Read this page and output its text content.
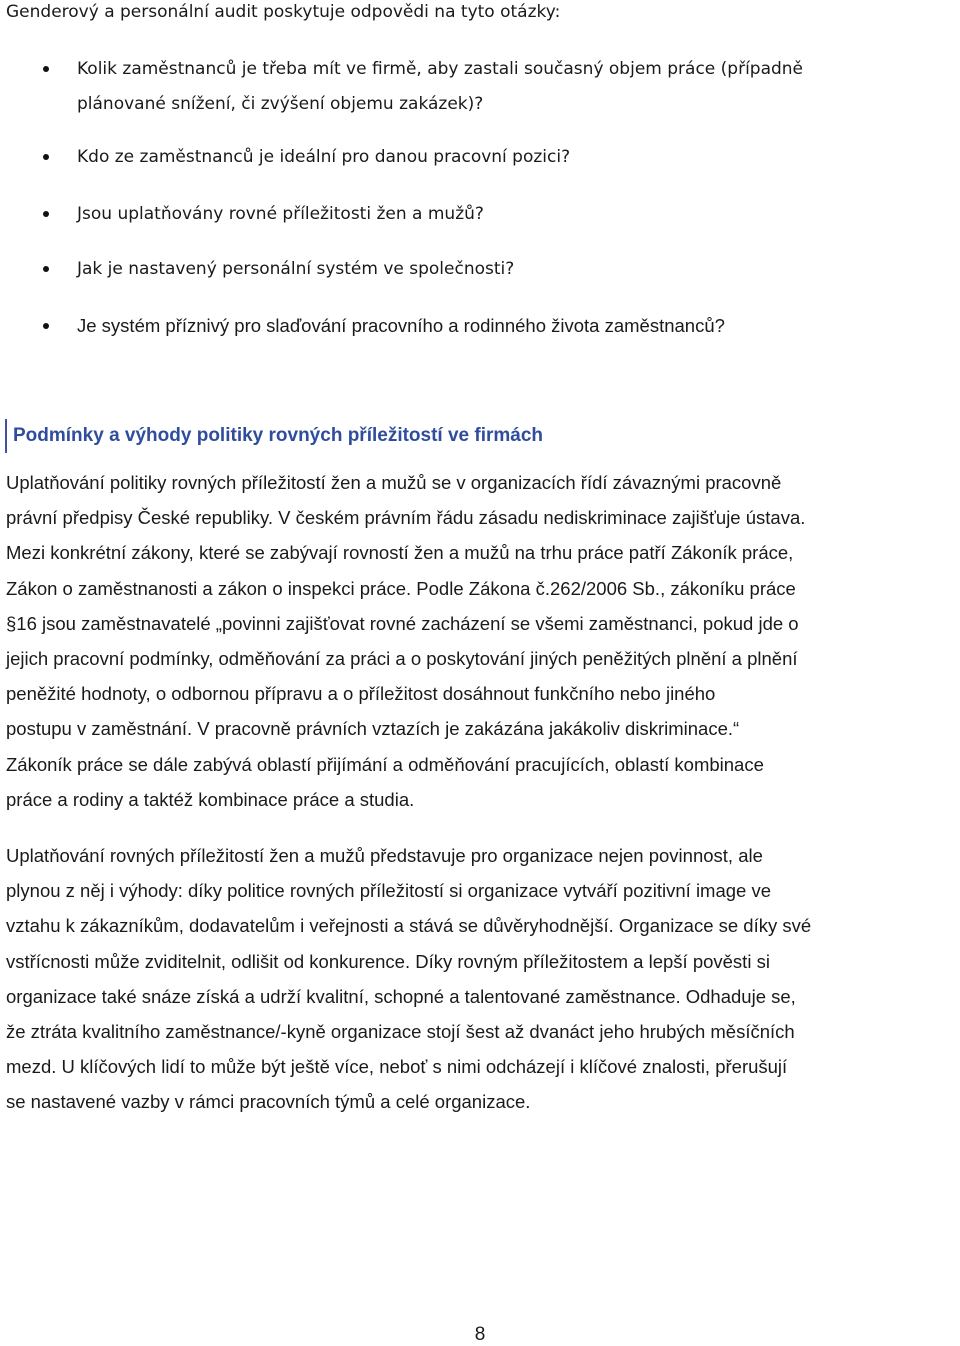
Genderový a personální audit poskytuje odpovědi na tyto otázky:
Kolik zaměstnanců je třeba mít ve firmě, aby zastali současný objem práce (případně
plánované snížení, či zvýšení objemu zakázek)?
Kdo ze zaměstnanců je ideální pro danou pracovní pozici?
Jsou uplatňovány rovné příležitosti žen a mužů?
Jak je nastavený personální systém ve společnosti?
Je systém příznivý pro slaďování pracovního a rodinného života zaměstnanců?
Podmínky a výhody politiky rovných příležitostí ve firmách

Uplatňování politiky rovných příležitostí žen a mužů se v organizacích řídí závaznými pracovně
právní předpisy České republiky. V českém právním řádu zásadu nediskriminace zajišťuje ústava.
Mezi konkrétní zákony, které se zabývají rovností žen a mužů na trhu práce patří Zákoník práce,
Zákon o zaměstnanosti a zákon o inspekci práce. Podle Zákona č.262/2006 Sb., zákoníku práce
§16 jsou zaměstnavatelé „povinni zajišťovat rovné zacházení se všemi zaměstnanci, pokud jde o
jejich pracovní podmínky, odměňování za práci a o poskytování jiných peněžitých plnění a plnění
peněžité hodnoty, o odbornou přípravu a o příležitost dosáhnout funkčního nebo jiného
postupu v zaměstnání. V pracovně právních vztazích je zakázána jakákoliv diskriminace.“
Zákoník práce se dále zabývá oblastí přijímání a odměňování pracujících, oblastí kombinace
práce a rodiny a taktéž kombinace práce a studia.

Uplatňování rovných příležitostí žen a mužů představuje pro organizace nejen povinnost, ale
plynou z něj i výhody: díky politice rovných příležitostí si organizace vytváří pozitivní image ve
vztahu k zákazníkům, dodavatelům i veřejnosti a stává se důvěryhodnější. Organizace se díky své
vstřícnosti může zviditelnit, odlišit od konkurence. Díky rovným příležitostem a lepší pověsti si
organizace také snáze získá a udrží kvalitní, schopné a talentované zaměstnance. Odhaduje se,
že ztráta kvalitního zaměstnance/-kyně organizace stojí šest až dvanáct jeho hrubých měsíčních
mezd. U klíčových lidí to může být ještě více, neboť s nimi odcházejí i klíčové znalosti, přerušují
se nastavené vazby v rámci pracovních týmů a celé organizace.

8
